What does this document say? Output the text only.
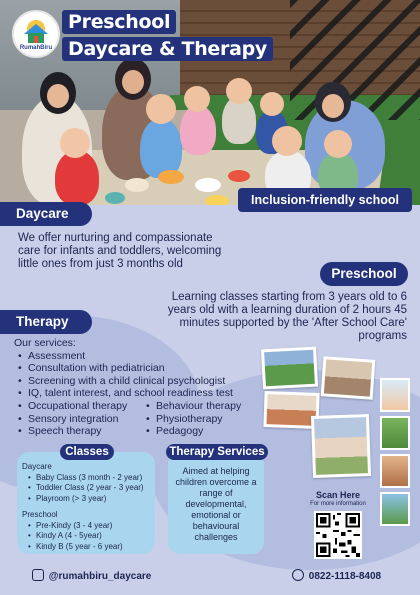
RumahBiru
Preschool
Daycare & Therapy
Daycare
Inclusion-friendly school
We offer nurturing and compassionate care for infants and toddlers, welcoming little ones from just 3 months old
Preschool
Learning classes starting from 3 years old to 6 years old with a learning duration of 2 hours 45 minutes supported by the 'After School Care' programs
Therapy
Our services:
• Assessment
• Consultation with pediatrician
• Screening with a child clinical psychologist
• IQ, talent interest, and school readiness test
• Occupational therapy
• Sensory integration
• Speech therapy
• Behaviour therapy
• Physiotherapy
• Pedagogy
Classes
Daycare
• Baby Class (3 month - 2 year)
• Toddler Class (2 year - 3 year)
• Playroom (> 3 year)
Preschool
• Pre-Kindy (3 - 4 year)
• Kindy A (4 - 5year)
• Kindy B (5 year - 6 year)
Therapy Services
Aimed at helping children overcome a range of developmental, emotional or behavioural challenges
Scan Here
For more information
@rumahbiru_daycare	0822-1118-8408
